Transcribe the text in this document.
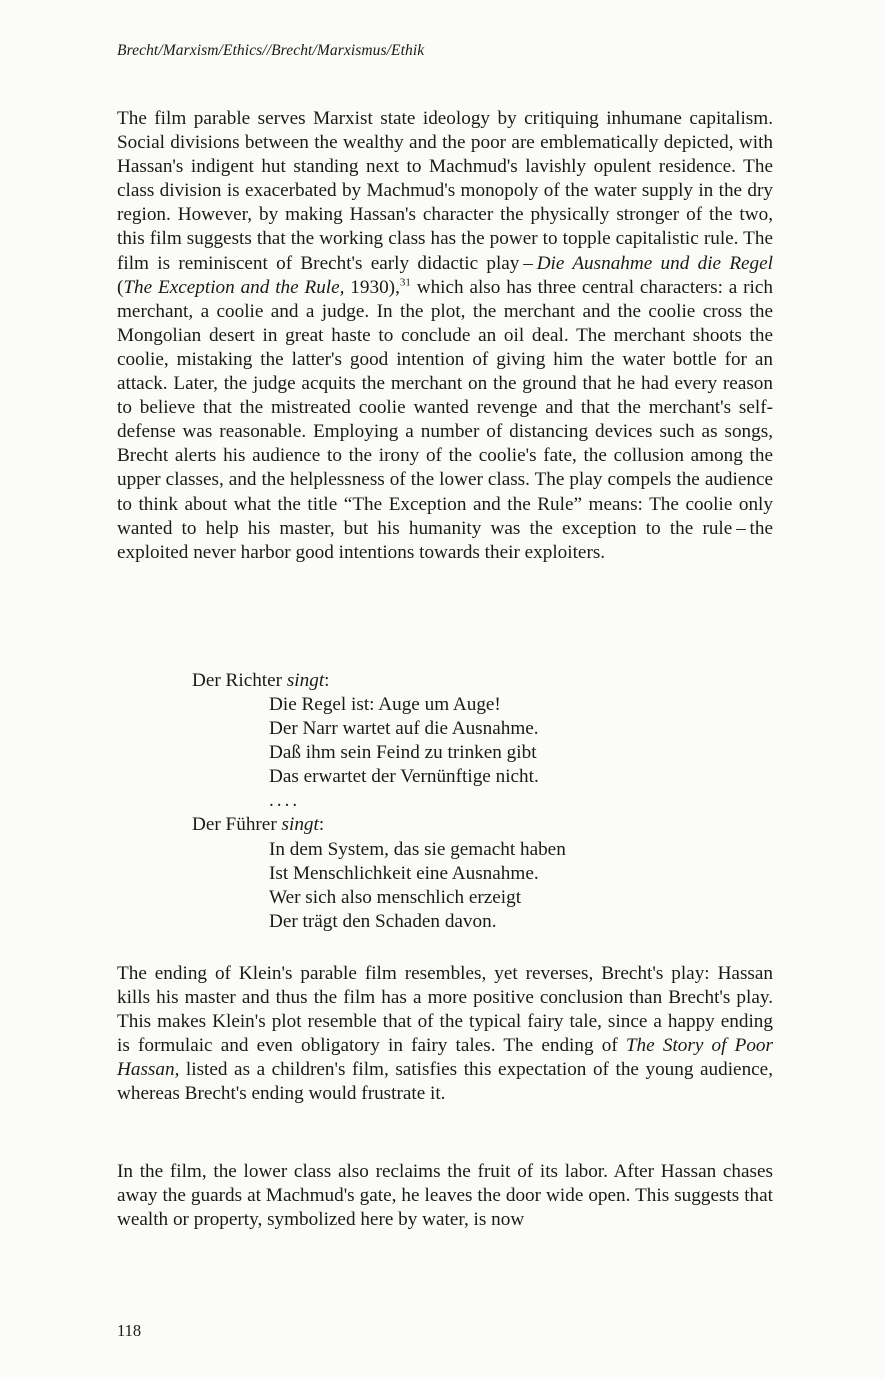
Brecht/Marxism/Ethics//Brecht/Marxismus/Ethik

The film parable serves Marxist state ideology by critiquing inhumane capitalism. Social divisions between the wealthy and the poor are emblematically depicted, with Hassan's indigent hut standing next to Machmud's lavishly opulent residence. The class division is exacerbated by Machmud's monopoly of the water supply in the dry region. However, by making Hassan's character the physically stronger of the two, this film suggests that the working class has the power to topple capitalistic rule. The film is reminiscent of Brecht's early didactic play – Die Ausnahme und die Regel (The Exception and the Rule, 1930),$^{31}$ which also has three central characters: a rich merchant, a coolie and a judge. In the plot, the merchant and the coolie cross the Mongolian desert in great haste to conclude an oil deal. The merchant shoots the coolie, mistaking the latter's good intention of giving him the water bottle for an attack. Later, the judge acquits the merchant on the ground that he had every reason to believe that the mistreated coolie wanted revenge and that the merchant's self-defense was reasonable. Employing a number of distancing devices such as songs, Brecht alerts his audience to the irony of the coolie's fate, the collusion among the upper classes, and the helplessness of the lower class. The play compels the audience to think about what the title “The Exception and the Rule” means: The coolie only wanted to help his master, but his humanity was the exception to the rule – the exploited never harbor good intentions towards their exploiters.

Der Richter singt:
Die Regel ist: Auge um Auge!
Der Narr wartet auf die Ausnahme.
Daß ihm sein Feind zu trinken gibt
Das erwartet der Vernünftige nicht.
....
Der Führer singt:
In dem System, das sie gemacht haben
Ist Menschlichkeit eine Ausnahme.
Wer sich also menschlich erzeigt
Der trägt den Schaden davon.

The ending of Klein's parable film resembles, yet reverses, Brecht's play: Hassan kills his master and thus the film has a more positive conclusion than Brecht's play. This makes Klein's plot resemble that of the typical fairy tale, since a happy ending is formulaic and even obligatory in fairy tales. The ending of The Story of Poor Hassan, listed as a children's film, satisfies this expectation of the young audience, whereas Brecht's ending would frustrate it.

In the film, the lower class also reclaims the fruit of its labor. After Hassan chases away the guards at Machmud's gate, he leaves the door wide open. This suggests that wealth or property, symbolized here by water, is now

118
